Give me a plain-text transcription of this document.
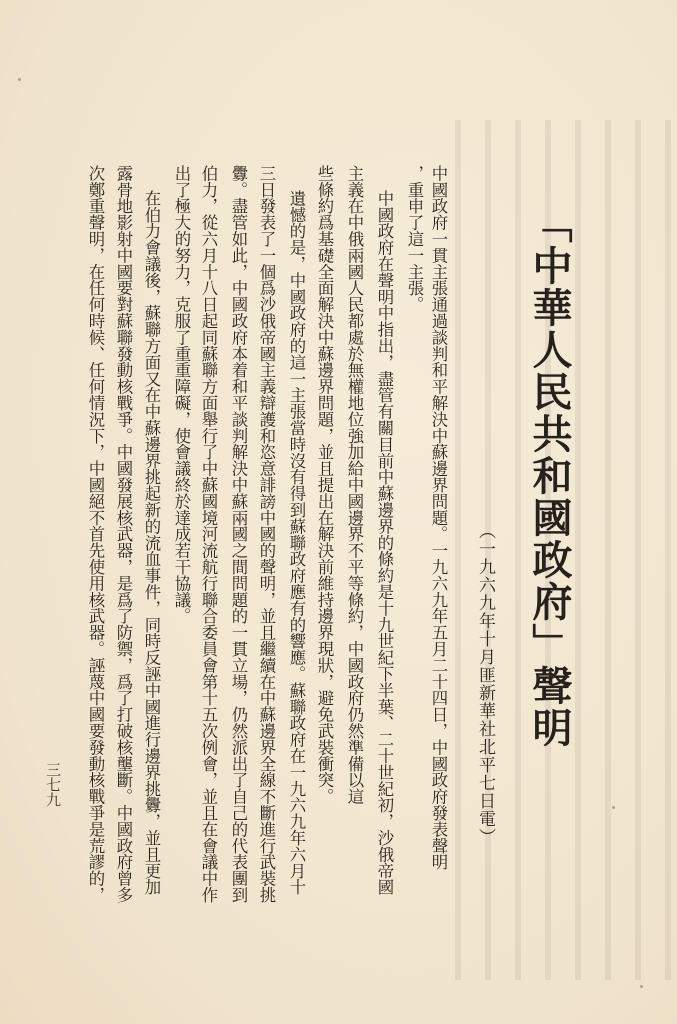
「中華人民共和國政府」聲明
（一九六九年十月匪新華社北平七日電）
中國政府一貫主張通過談判和平解決中蘇邊界問題。一九六九年五月二十四日，中國政府發表聲明
，重申了這一主張。
中國政府在聲明中指出，盡管有關目前中蘇邊界的條約是十九世紀下半葉、二十世紀初，沙俄帝國
主義在中俄兩國人民都處於無權地位強加給中國邊界不平等條約，中國政府仍然準備以這
些條約爲基礎全面解決中蘇邊界問題，並且提出在解決前維持邊界現狀，避免武裝衝突。
遺憾的是，中國政府的這一主張當時沒有得到蘇聯政府應有的響應。蘇聯政府在一九六九年六月十
三日發表了一個爲沙俄帝國主義辯護和恣意誹謗中國的聲明，並且繼續在中蘇邊界全線不斷進行武裝挑
釁。盡管如此，中國政府本着和平談判解決中蘇兩國之間問題的一貫立場，仍然派出了自己的代表團到
伯力，從六月十八日起同蘇聯方面舉行了中蘇國境河流航行聯合委員會第十五次例會，並且在會議中作
出了極大的努力，克服了重重障礙，使會議終於達成若干協議。
在伯力會議後，蘇聯方面又在中蘇邊界挑起新的流血事件，同時反誣中國進行邊界挑釁，並且更加
露骨地影射中國要對蘇聯發動核戰爭。中國發展核武器，是爲了防禦，爲了打破核壟斷。中國政府曾多
次鄭重聲明，在任何時候、任何情況下，中國絕不首先使用核武器。誣蔑中國要發動核戰爭是荒謬的，
三七九
